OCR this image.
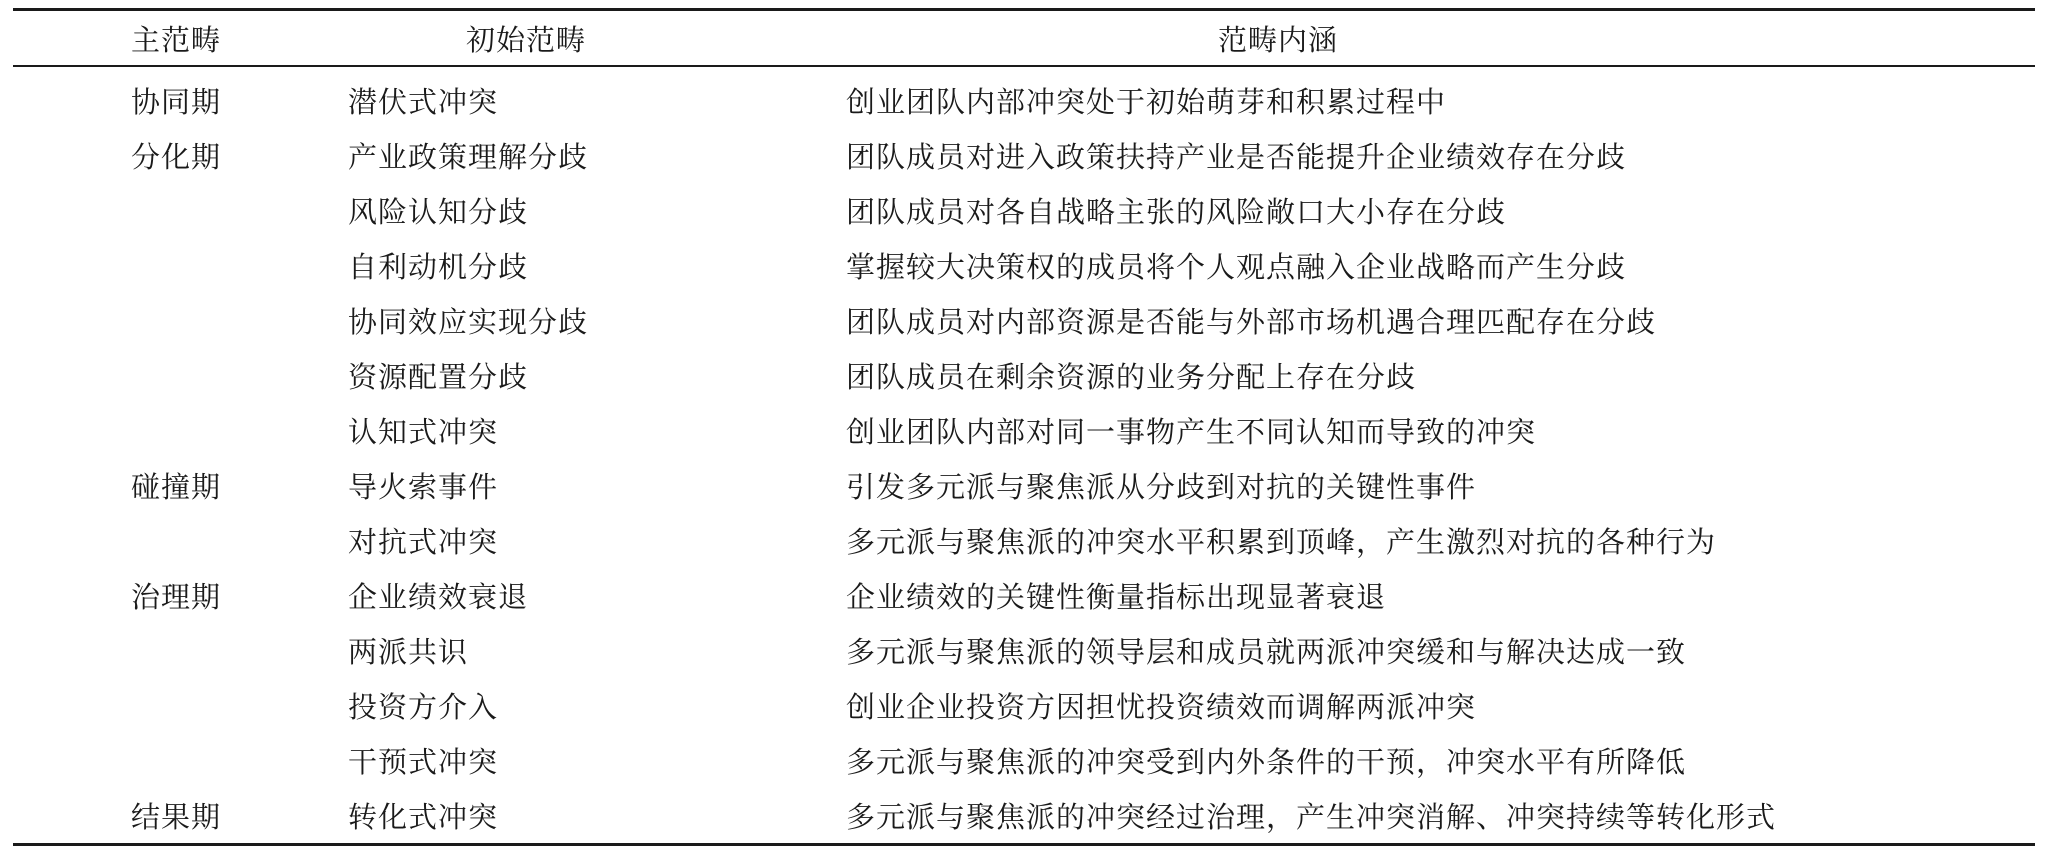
主范畴	初始范畴	范畴内涵
协同期	潜伏式冲突	创业团队内部冲突处于初始萌芽和积累过程中
分化期	产业政策理解分歧	团队成员对进入政策扶持产业是否能提升企业绩效存在分歧
	风险认知分歧	团队成员对各自战略主张的风险敞口大小存在分歧
	自利动机分歧	掌握较大决策权的成员将个人观点融入企业战略而产生分歧
	协同效应实现分歧	团队成员对内部资源是否能与外部市场机遇合理匹配存在分歧
	资源配置分歧	团队成员在剩余资源的业务分配上存在分歧
	认知式冲突	创业团队内部对同一事物产生不同认知而导致的冲突
碰撞期	导火索事件	引发多元派与聚焦派从分歧到对抗的关键性事件
	对抗式冲突	多元派与聚焦派的冲突水平积累到顶峰，产生激烈对抗的各种行为
治理期	企业绩效衰退	企业绩效的关键性衡量指标出现显著衰退
	两派共识	多元派与聚焦派的领导层和成员就两派冲突缓和与解决达成一致
	投资方介入	创业企业投资方因担忧投资绩效而调解两派冲突
	干预式冲突	多元派与聚焦派的冲突受到内外条件的干预，冲突水平有所降低
结果期	转化式冲突	多元派与聚焦派的冲突经过治理，产生冲突消解、冲突持续等转化形式
